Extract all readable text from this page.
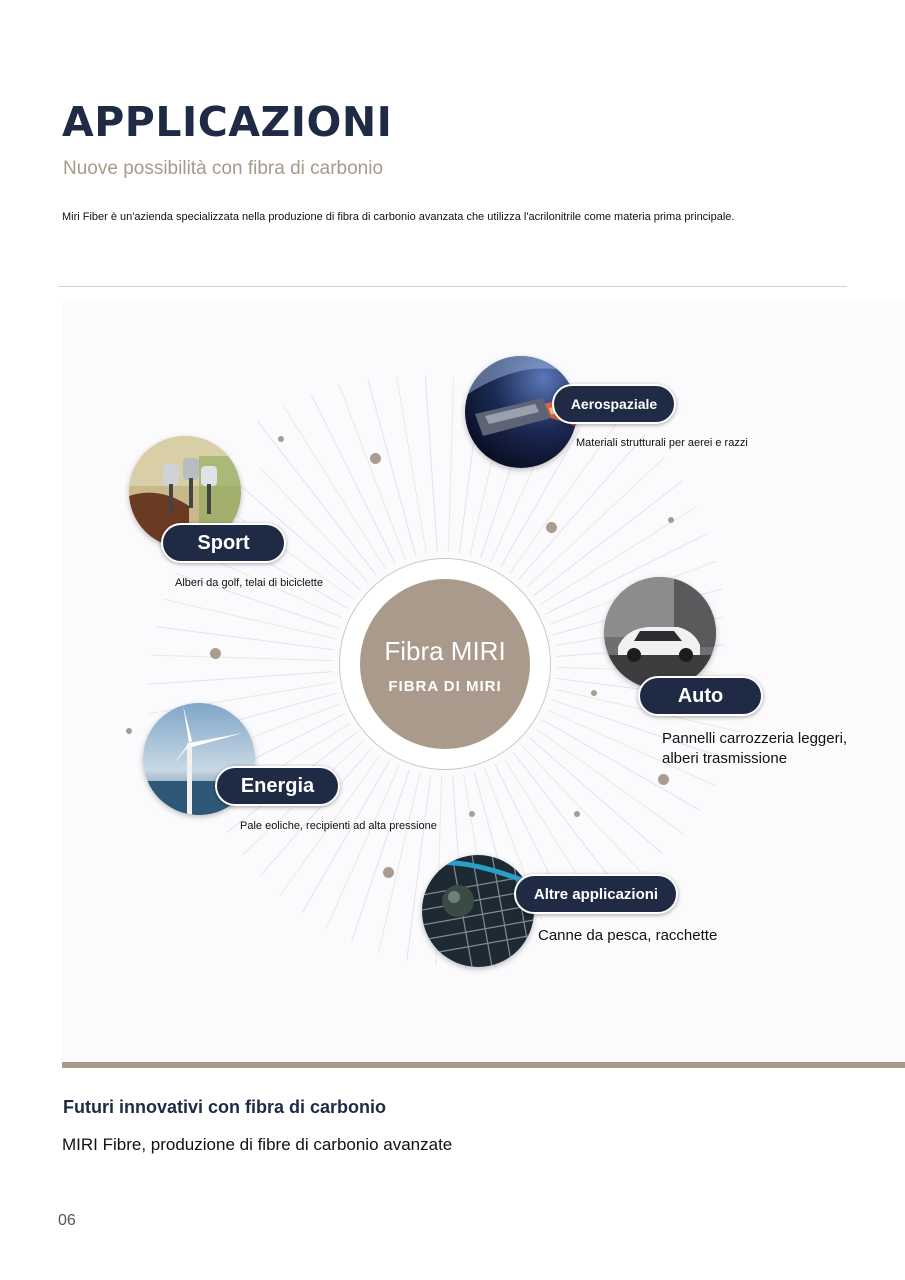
APPLICAZIONI
Nuove possibilità con fibra di carbonio
Miri Fiber è un'azienda specializzata nella produzione di fibra di carbonio avanzata che utilizza l'acrilonitrile come materia prima principale.
Fibra MIRI
FIBRA DI MIRI
Aerospaziale
Materiali strutturali per aerei e razzi
Sport
Alberi da golf, telai di biciclette
Auto
Pannelli carrozzeria leggeri, alberi trasmissione
Energia
Pale eoliche, recipienti ad alta pressione
Altre applicazioni
Canne da pesca, racchette
Futuri innovativi con fibra di carbonio
MIRI Fibre, produzione di fibre di carbonio avanzate
06
